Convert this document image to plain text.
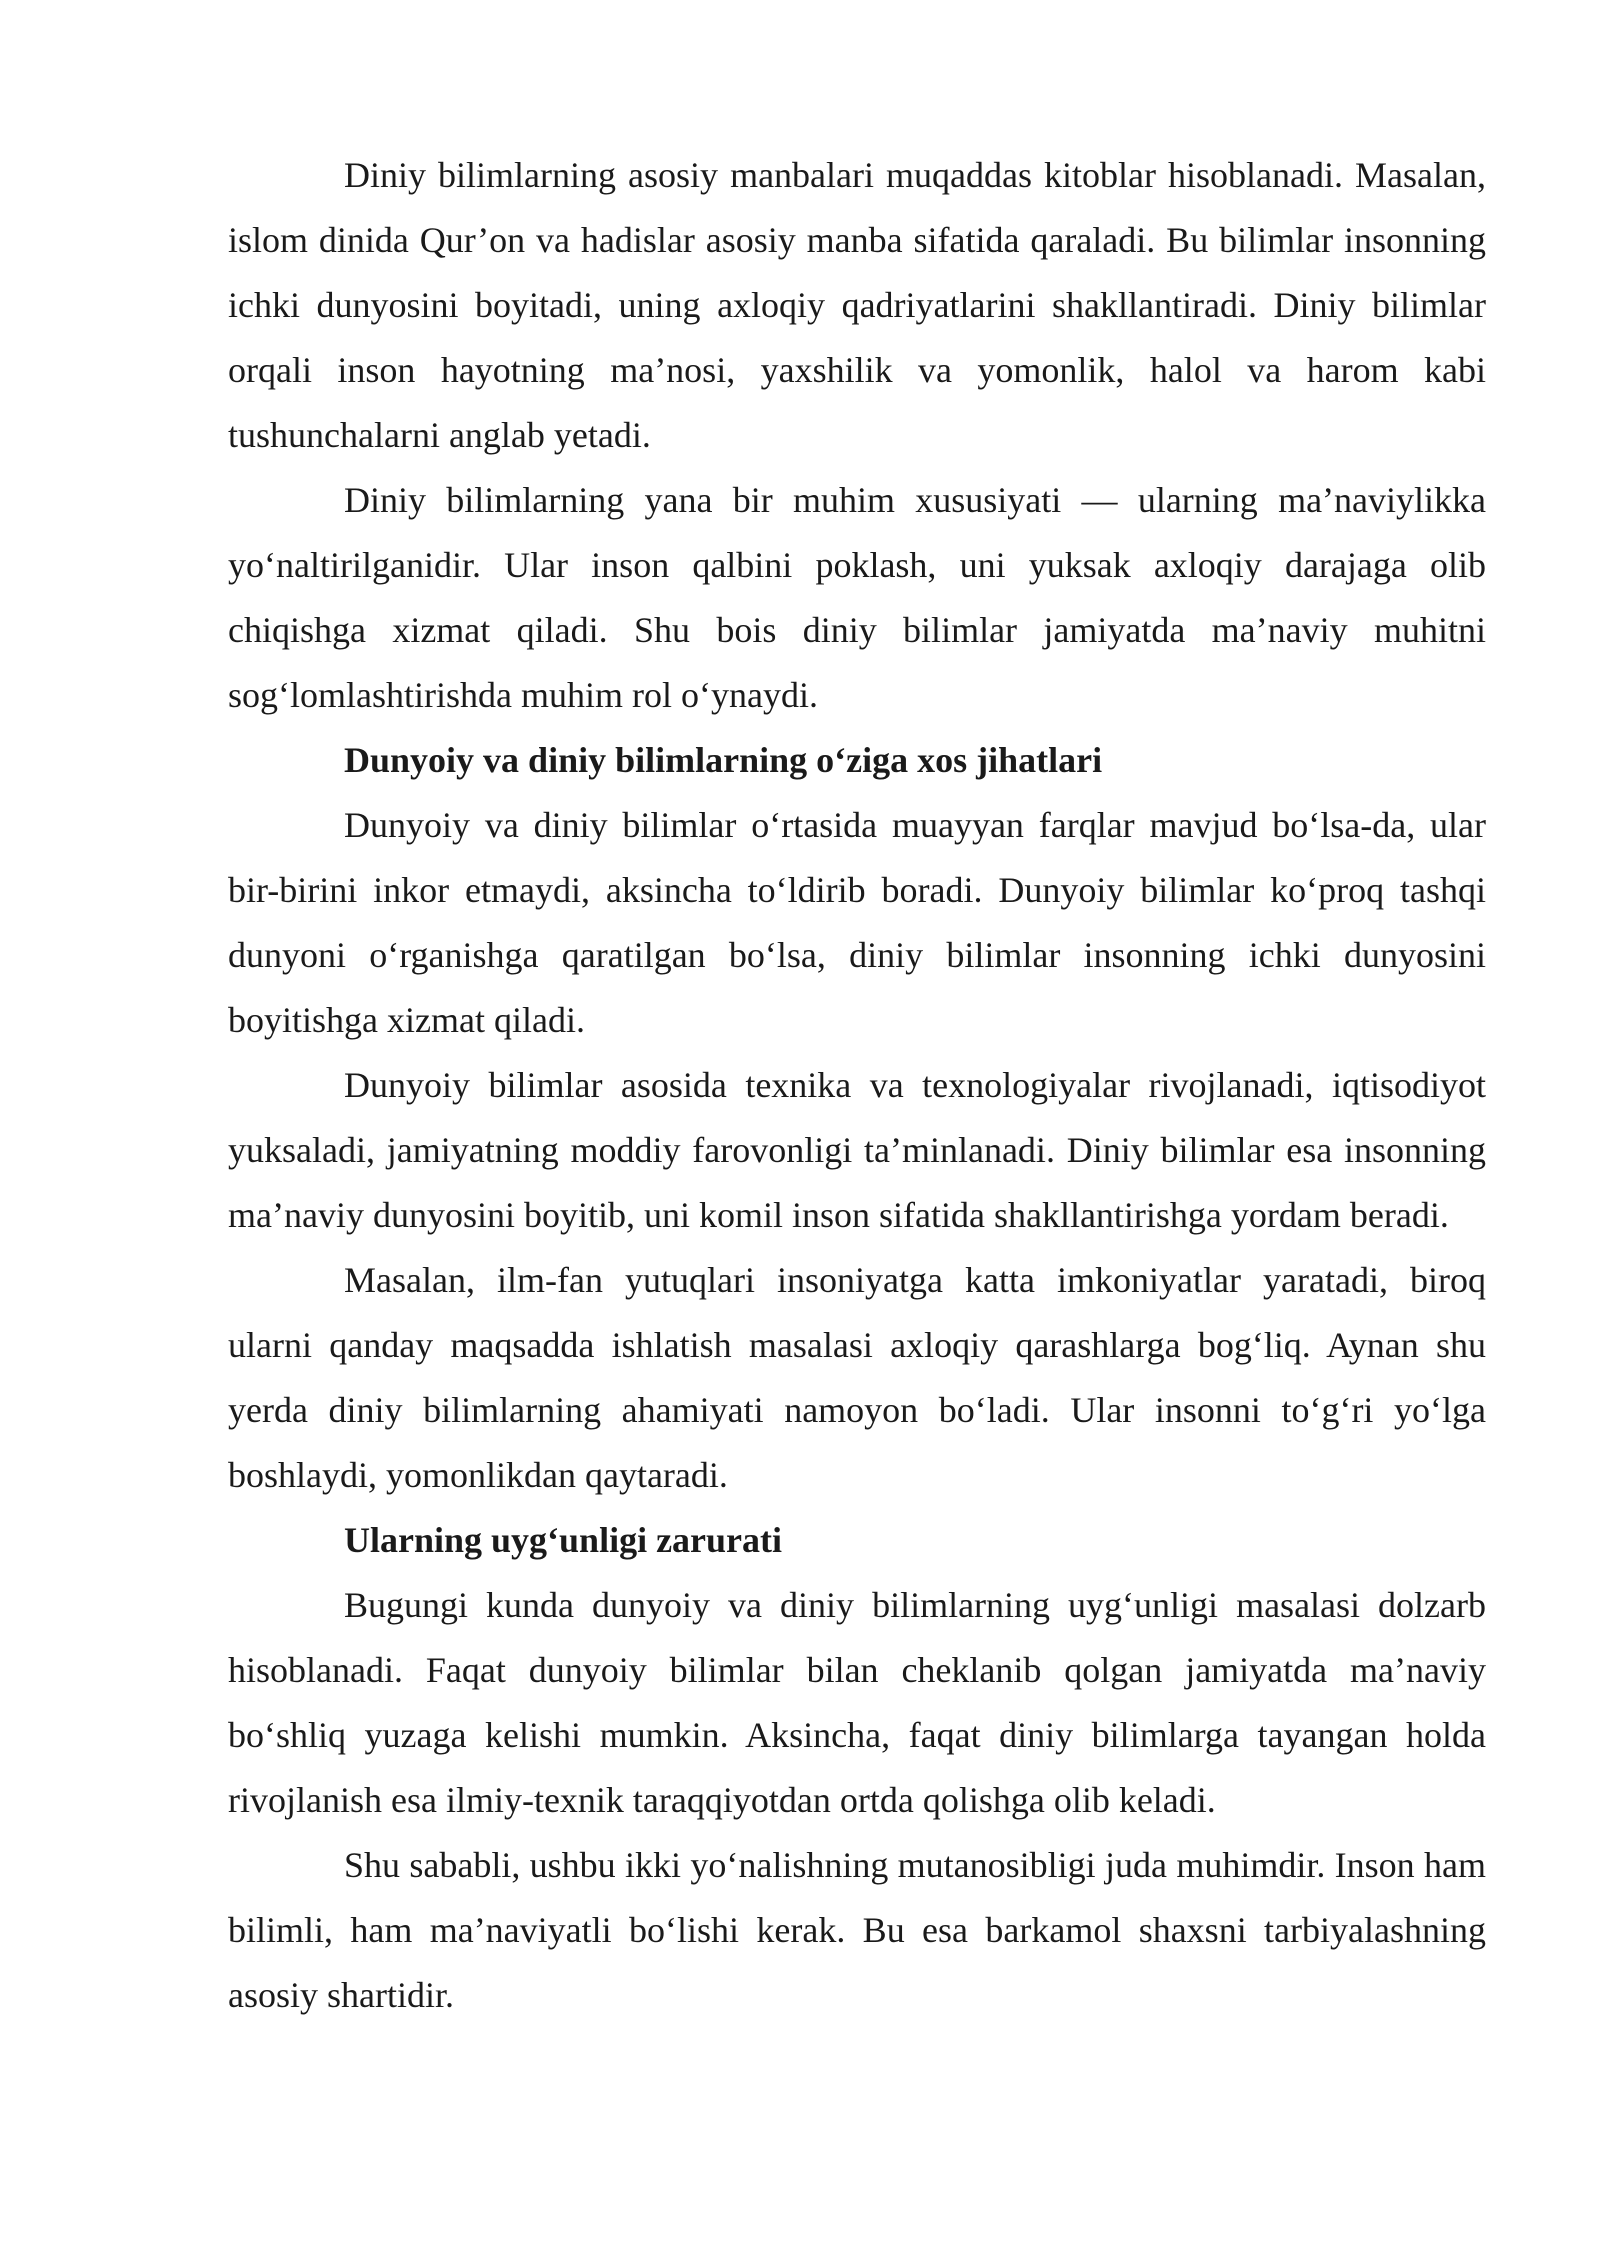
Diniy bilimlarning asosiy manbalari muqaddas kitoblar hisoblanadi. Masalan, islom dinida Qur’on va hadislar asosiy manba sifatida qaraladi. Bu bilimlar insonning ichki dunyosini boyitadi, uning axloqiy qadriyatlarini shakllantiradi. Diniy bilimlar orqali inson hayotning ma’nosi, yaxshilik va yomonlik, halol va harom kabi tushunchalarni anglab yetadi.

Diniy bilimlarning yana bir muhim xususiyati — ularning ma’naviylikka yo‘naltirilganidir. Ular inson qalbini poklash, uni yuksak axloqiy darajaga olib chiqishga xizmat qiladi. Shu bois diniy bilimlar jamiyatda ma’naviy muhitni sog‘lomlashtirishda muhim rol o‘ynaydi.

Dunyoiy va diniy bilimlarning o‘ziga xos jihatlari

Dunyoiy va diniy bilimlar o‘rtasida muayyan farqlar mavjud bo‘lsa-da, ular bir-birini inkor etmaydi, aksincha to‘ldirib boradi. Dunyoiy bilimlar ko‘proq tashqi dunyoni o‘rganishga qaratilgan bo‘lsa, diniy bilimlar insonning ichki dunyosini boyitishga xizmat qiladi.

Dunyoiy bilimlar asosida texnika va texnologiyalar rivojlanadi, iqtisodiyot yuksaladi, jamiyatning moddiy farovonligi ta’minlanadi. Diniy bilimlar esa insonning ma’naviy dunyosini boyitib, uni komil inson sifatida shakllantirishga yordam beradi.

Masalan, ilm-fan yutuqlari insoniyatga katta imkoniyatlar yaratadi, biroq ularni qanday maqsadda ishlatish masalasi axloqiy qarashlarga bog‘liq. Aynan shu yerda diniy bilimlarning ahamiyati namoyon bo‘ladi. Ular insonni to‘g‘ri yo‘lga boshlaydi, yomonlikdan qaytaradi.

Ularning uyg‘unligi zarurati

Bugungi kunda dunyoiy va diniy bilimlarning uyg‘unligi masalasi dolzarb hisoblanadi. Faqat dunyoiy bilimlar bilan cheklanib qolgan jamiyatda ma’naviy bo‘shliq yuzaga kelishi mumkin. Aksincha, faqat diniy bilimlarga tayangan holda rivojlanish esa ilmiy-texnik taraqqiyotdan ortda qolishga olib keladi.

Shu sababli, ushbu ikki yo‘nalishning mutanosibligi juda muhimdir. Inson ham bilimli, ham ma’naviyatli bo‘lishi kerak. Bu esa barkamol shaxsni tarbiyalashning asosiy shartidir.
